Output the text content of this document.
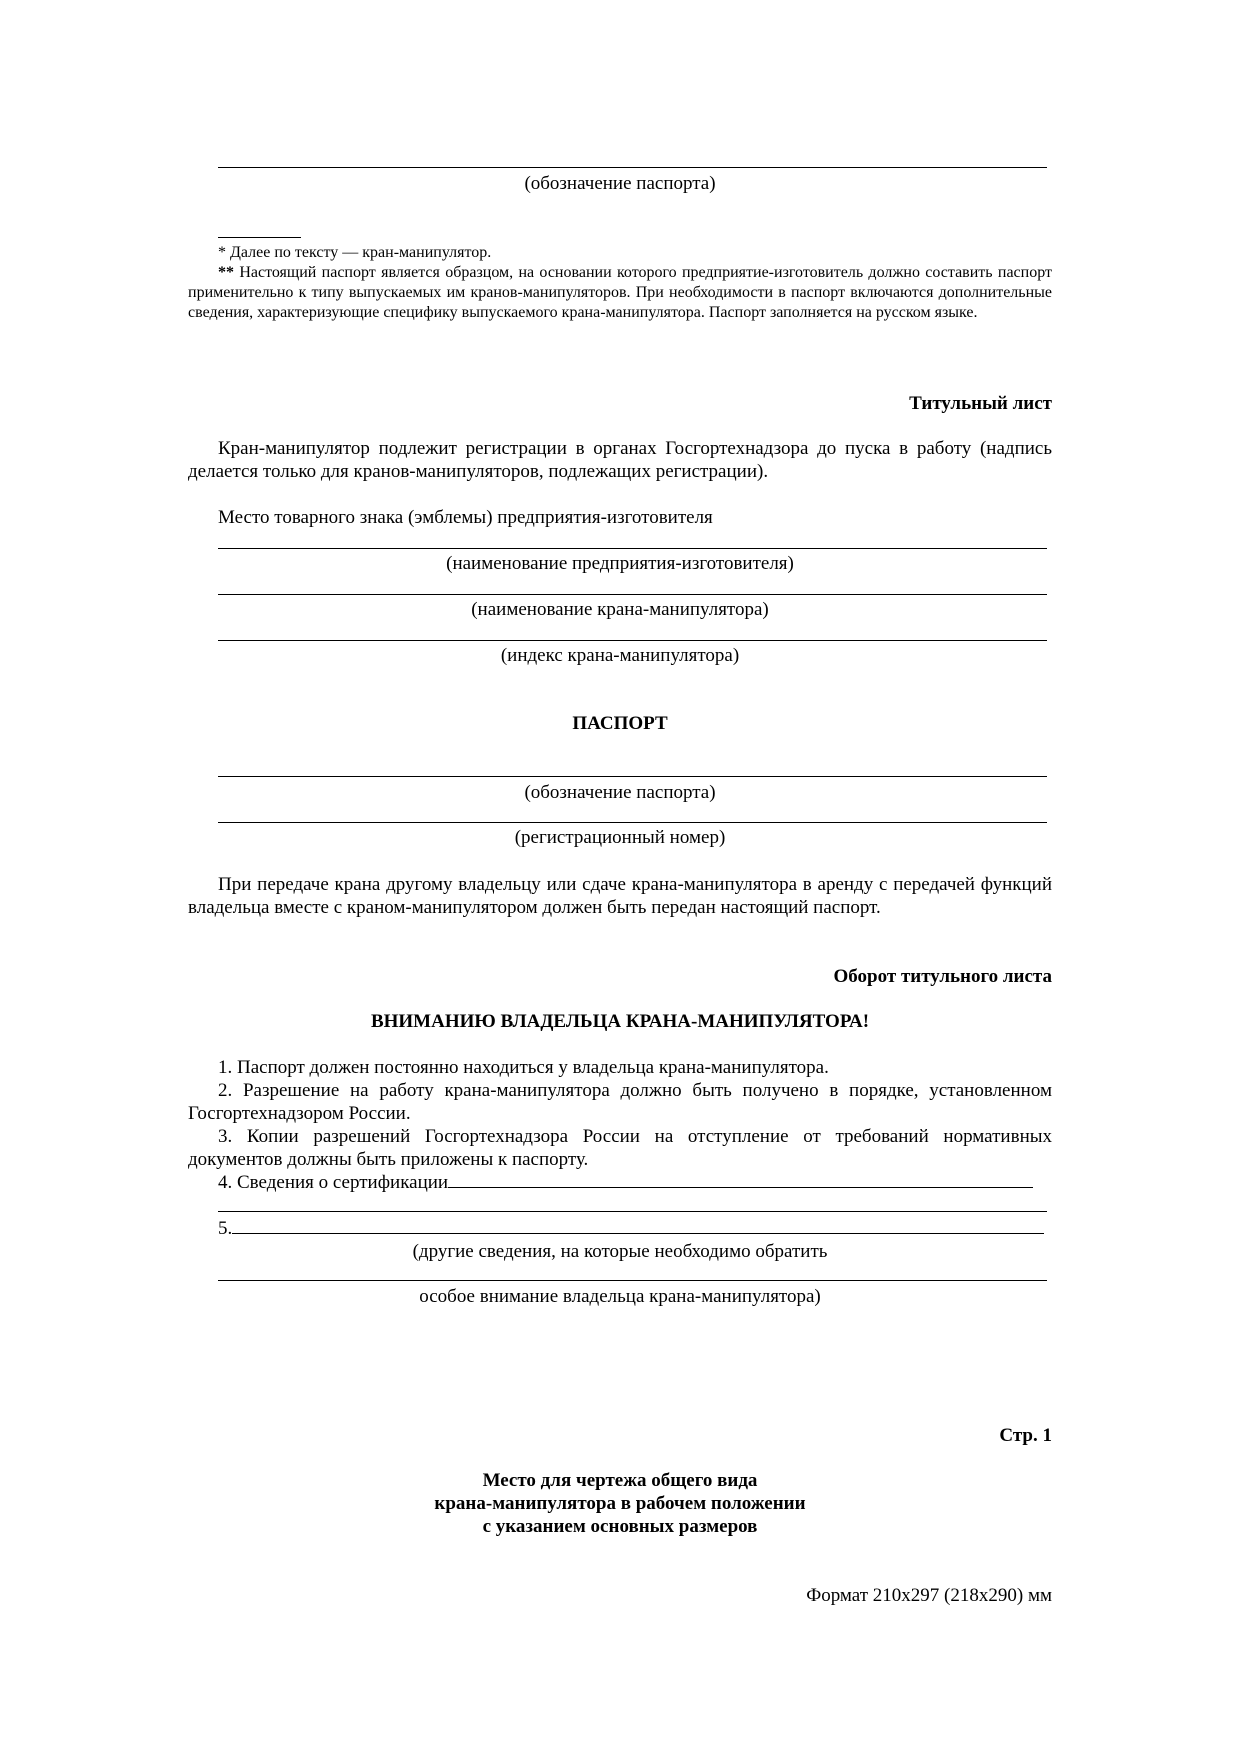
(обозначение паспорта)
* Далее по тексту — кран-манипулятор.
** Настоящий паспорт является образцом, на основании которого предприятие-изготовитель должно составить паспорт применительно к типу выпускаемых им кранов-манипуляторов. При необходимости в паспорт включаются дополнительные сведения, характеризующие специфику выпускаемого крана-манипулятора. Паспорт заполняется на русском языке.
Титульный лист
Кран-манипулятор подлежит регистрации в органах Госгортехнадзора до пуска в работу (надпись делается только для кранов-манипуляторов, подлежащих регистрации).
Место товарного знака (эмблемы) предприятия-изготовителя
(наименование предприятия-изготовителя)
(наименование крана-манипулятора)
(индекс крана-манипулятора)
ПАСПОРТ
(обозначение паспорта)
(регистрационный номер)
При передаче крана другому владельцу или сдаче крана-манипулятора в аренду с передачей функций владельца вместе с краном-манипулятором должен быть передан настоящий паспорт.
Оборот титульного листа
ВНИМАНИЮ ВЛАДЕЛЬЦА КРАНА-МАНИПУЛЯТОРА!
1. Паспорт должен постоянно находиться у владельца крана-манипулятора.
2. Разрешение на работу крана-манипулятора должно быть получено в порядке, установленном Госгортехнадзором России.
3. Копии разрешений Госгортехнадзора России на отступление от требований нормативных документов должны быть приложены к паспорту.
4. Сведения о сертификации
5.
(другие сведения, на которые необходимо обратить
особое внимание владельца крана-манипулятора)
Стр. 1
Место для чертежа общего вида
крана-манипулятора в рабочем положении
с указанием основных размеров
Формат 210x297 (218x290) мм
